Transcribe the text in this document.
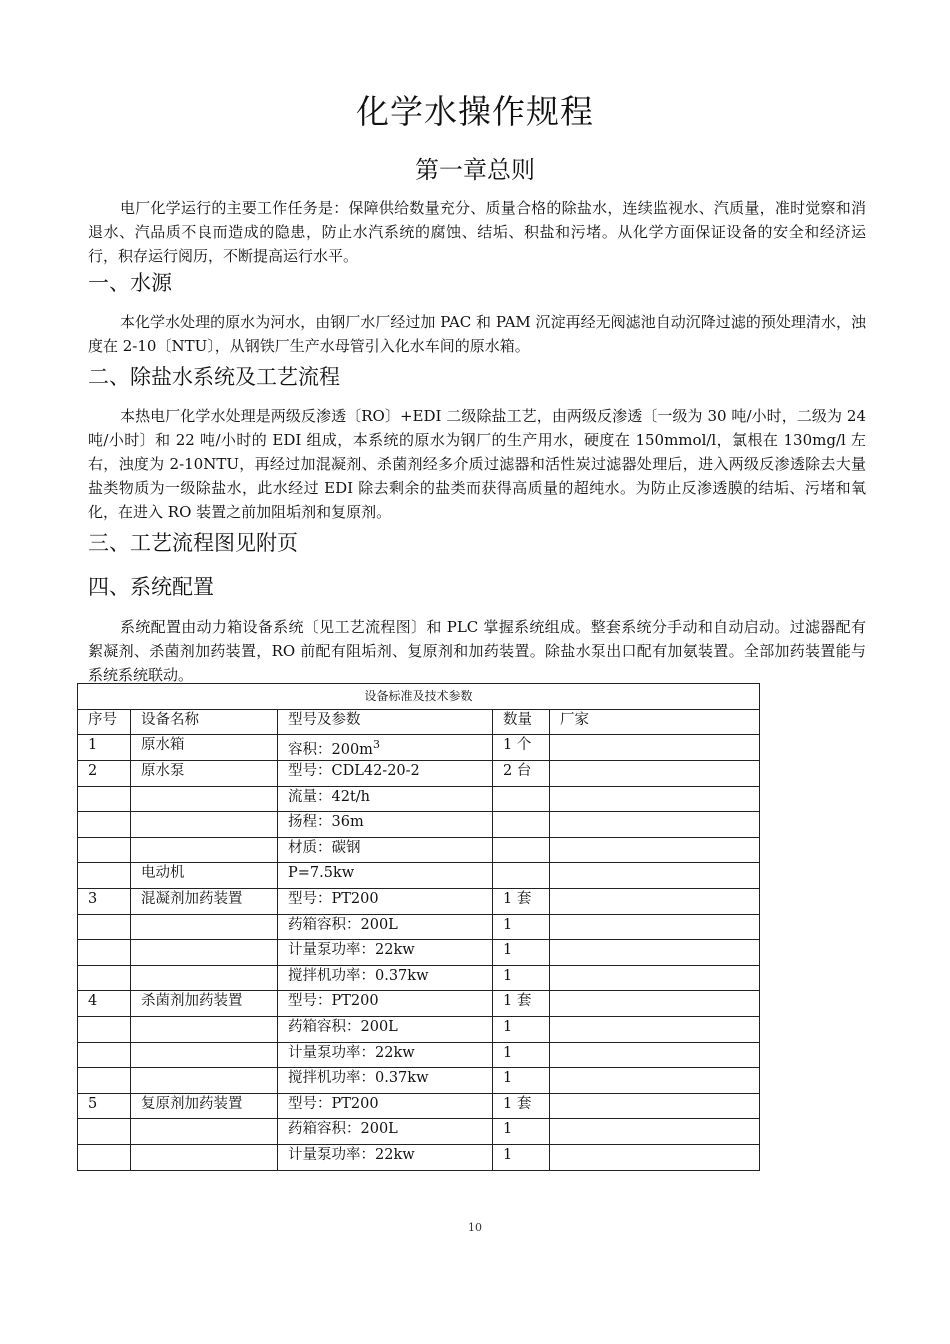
化学水操作规程
第一章总则
电厂化学运行的主要工作任务是：保障供给数量充分、质量合格的除盐水，连续监视水、汽质量，准时觉察和消退水、汽品质不良而造成的隐患，防止水汽系统的腐蚀、结垢、积盐和污堵。从化学方面保证设备的安全和经济运行，积存运行阅历，不断提高运行水平。
一、水源
本化学水处理的原水为河水，由钢厂水厂经过加 PAC 和 PAM 沉淀再经无阀滤池自动沉降过滤的预处理清水，浊度在 2-10〔NTU〕，从钢铁厂生产水母管引入化水车间的原水箱。
二、除盐水系统及工艺流程
本热电厂化学水处理是两级反渗透〔RO〕+EDI 二级除盐工艺，由两级反渗透〔一级为 30 吨/小时，二级为 24 吨/小时〕和 22 吨/小时的 EDI 组成，本系统的原水为钢厂的生产用水，硬度在 150mmol/l，氯根在 130mg/l 左右，浊度为 2-10NTU，再经过加混凝剂、杀菌剂经多介质过滤器和活性炭过滤器处理后，进入两级反渗透除去大量盐类物质为一级除盐水，此水经过 EDI 除去剩余的盐类而获得高质量的超纯水。为防止反渗透膜的结垢、污堵和氧化，在进入 RO 装置之前加阻垢剂和复原剂。
三、工艺流程图见附页
四、系统配置
系统配置由动力箱设备系统〔见工艺流程图〕和 PLC 掌握系统组成。整套系统分手动和自动启动。过滤器配有絮凝剂、杀菌剂加药装置，RO 前配有阻垢剂、复原剂和加药装置。除盐水泵出口配有加氨装置。全部加药装置能与系统系统联动。
设备标准及技术参数				
序号	设备名称	型号及参数	数量	厂家
1	原水箱	容积：$200m^3$	1 个	
2	原水泵	型号：CDL42-20-2	2 台	
		流量：42t/h		
		扬程：36m		
		材质：碳钢		
	电动机	P=7.5kw		
3	混凝剂加药装置	型号：PT200	1 套	
		药箱容积：200L	1	
		计量泵功率：22kw	1	
		搅拌机功率：0.37kw	1	
4	杀菌剂加药装置	型号：PT200	1 套	
		药箱容积：200L	1	
		计量泵功率：22kw	1	
		搅拌机功率：0.37kw	1	
5	复原剂加药装置	型号：PT200	1 套	
		药箱容积：200L	1	
		计量泵功率：22kw	1	
10
